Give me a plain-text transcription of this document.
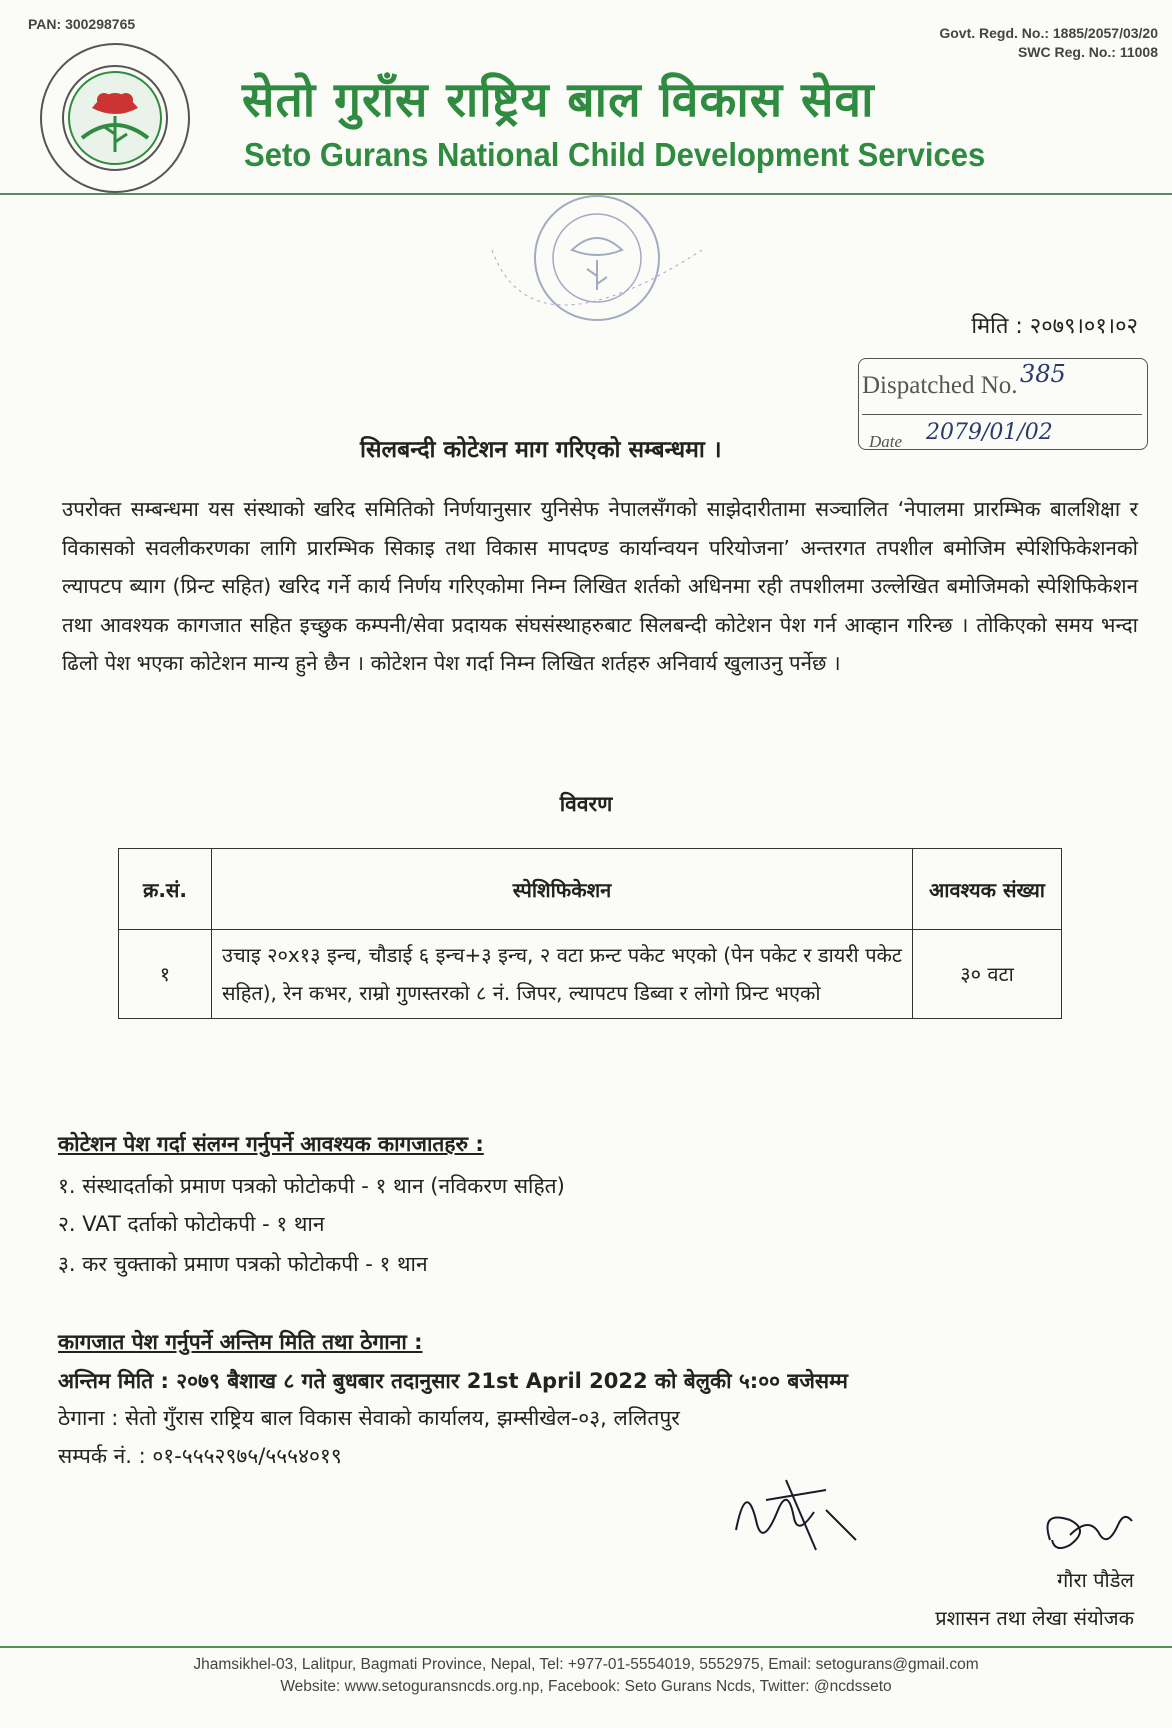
PAN: 300298765
Govt. Regd. No.: 1885/2057/03/20
SWC Reg. No.: 11008
सेतो गुराँस राष्ट्रिय बाल विकास सेवा
Seto Gurans National Child Development Services
मिति : २०७९।०१।०२
Dispatched No. 385
Date 2079/01/02
सिलबन्दी कोटेशन माग गरिएको सम्बन्धमा ।
उपरोक्त सम्बन्धमा यस संस्थाको खरिद समितिको निर्णयानुसार युनिसेफ नेपालसँगको साझेदारीतामा सञ्चालित ‘नेपालमा प्रारम्भिक बालशिक्षा र विकासको सवलीकरणका लागि प्रारम्भिक सिकाइ तथा विकास मापदण्ड कार्यान्वयन परियोजना’ अन्तरगत तपशील बमोजिम स्पेशिफिकेशनको ल्यापटप ब्याग (प्रिन्ट सहित) खरिद गर्ने कार्य निर्णय गरिएकोमा निम्न लिखित शर्तको अधिनमा रही तपशीलमा उल्लेखित बमोजिमको स्पेशिफिकेशन तथा आवश्यक कागजात सहित इच्छुक कम्पनी/सेवा प्रदायक संघसंस्थाहरुबाट सिलबन्दी कोटेशन पेश गर्न आव्हान गरिन्छ । तोकिएको समय भन्दा ढिलो पेश भएका कोटेशन मान्य हुने छैन । कोटेशन पेश गर्दा निम्न लिखित शर्तहरु अनिवार्य खुलाउनु पर्नेछ ।
विवरण
क्र.सं.	स्पेशिफिकेशन	आवश्यक संख्या
१	उचाइ २०x१३ इन्च, चौडाई ६ इन्च+३ इन्च, २ वटा फ्रन्ट पकेट भएको (पेन पकेट र डायरी पकेट सहित), रेन कभर, राम्रो गुणस्तरको ८ नं. जिपर, ल्यापटप डिब्वा र लोगो प्रिन्ट भएको	३० वटा
कोटेशन पेश गर्दा संलग्न गर्नुपर्ने आवश्यक कागजातहरु :
१. संस्थादर्ताको प्रमाण पत्रको फोटोकपी - १ थान (नविकरण सहित)
२. VAT दर्ताको फोटोकपी - १ थान
३. कर चुक्ताको प्रमाण पत्रको फोटोकपी - १ थान
कागजात पेश गर्नुपर्ने अन्तिम मिति तथा ठेगाना :
अन्तिम मिति : २०७९ बैशाख ८ गते बुधबार तदानुसार 21st April 2022 को बेलुकी ५:०० बजेसम्म
ठेगाना : सेतो गुँरास राष्ट्रिय बाल विकास सेवाको कार्यालय, झम्सीखेल-०३, ललितपुर
सम्पर्क नं. : ०१-५५५२९७५/५५५४०१९
गौरा पौडेल
प्रशासन तथा लेखा संयोजक
Jhamsikhel-03, Lalitpur, Bagmati Province, Nepal, Tel: +977-01-5554019, 5552975, Email: setogurans@gmail.com
Website: www.setoguransncds.org.np, Facebook: Seto Gurans Ncds, Twitter: @ncdsseto
